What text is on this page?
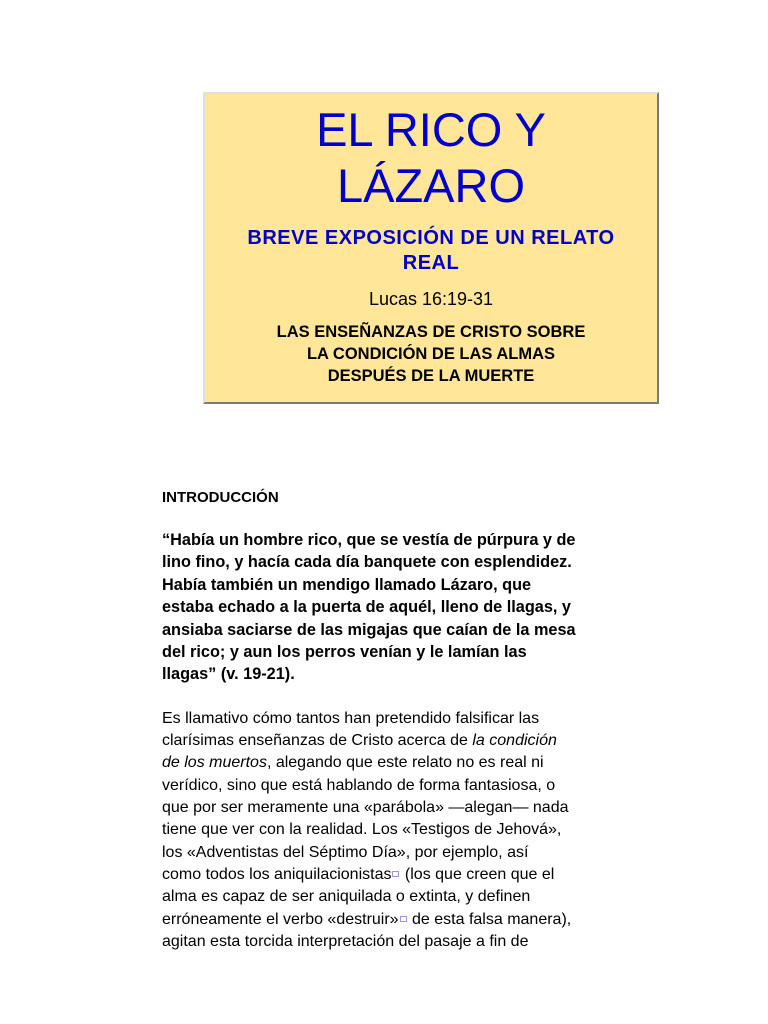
EL RICO Y
LÁZARO
BREVE EXPOSICIÓN DE UN RELATO
REAL
Lucas 16:19-31
LAS ENSEÑANZAS DE CRISTO SOBRE
LA CONDICIÓN DE LAS ALMAS
DESPUÉS DE LA MUERTE
INTRODUCCIÓN
“Había un hombre rico, que se vestía de púrpura y de
lino fino, y hacía cada día banquete con esplendidez.
Había también un mendigo llamado Lázaro, que
estaba echado a la puerta de aquél, lleno de llagas, y
ansiaba saciarse de las migajas que caían de la mesa
del rico; y aun los perros venían y le lamían las
llagas” (v. 19-21).

Es llamativo cómo tantos han pretendido falsificar las
clarísimas enseñanzas de Cristo acerca de la condición
de los muertos, alegando que este relato no es real ni
verídico, sino que está hablando de forma fantasiosa, o
que por ser meramente una «parábola» —alegan— nada
tiene que ver con la realidad. Los «Testigos de Jehová»,
los «Adventistas del Séptimo Día», por ejemplo, así
como todos los aniquilacionistas (los que creen que el
alma es capaz de ser aniquilada o extinta, y definen
erróneamente el verbo «destruir» de esta falsa manera),
agitan esta torcida interpretación del pasaje a fin de
